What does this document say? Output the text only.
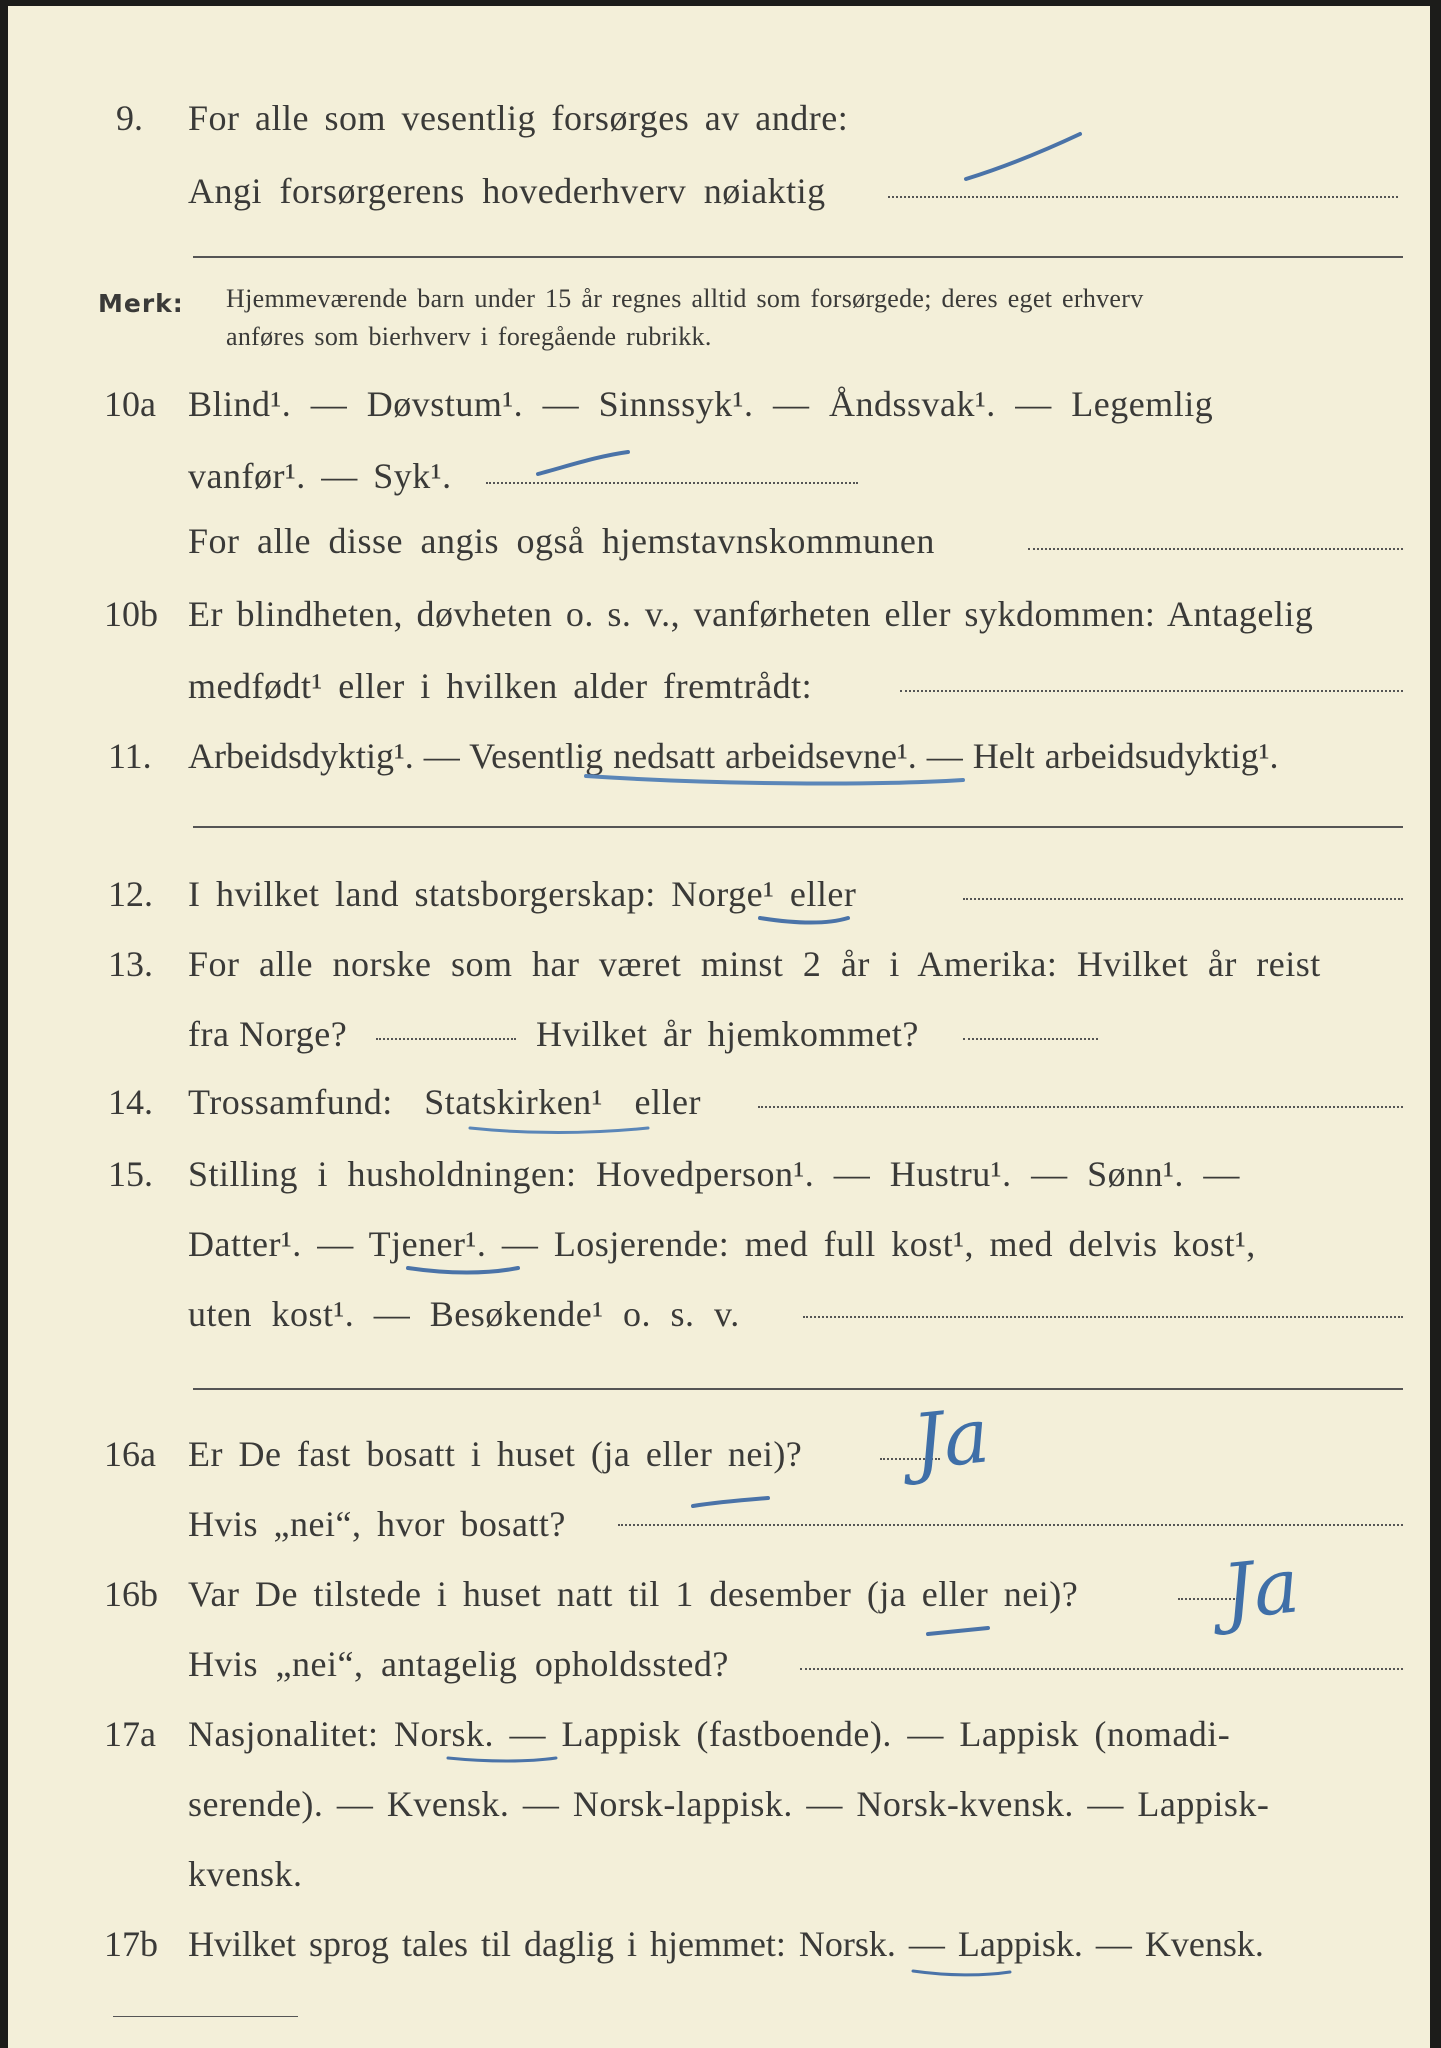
9. For alle som vesentlig forsørges av andre:
Angi forsørgerens hovederhverv nøiaktig
Merk: Hjemmeværende barn under 15 år regnes alltid som forsørgede; deres eget erhverv
anføres som bierhverv i foregående rubrikk.
10a Blind¹. — Døvstum¹. — Sinnssyk¹. — Åndssvak¹. — Legemlig
vanfør¹. — Syk¹.
For alle disse angis også hjemstavnskommunen
10b Er blindheten, døvheten o. s. v., vanførheten eller sykdommen: Antagelig
medfødt¹ eller i hvilken alder fremtrådt:
11. Arbeidsdyktig¹. — Vesentlig nedsatt arbeidsevne¹. — Helt arbeidsudyktig¹.
12. I hvilket land statsborgerskap: Norge¹ eller
13. For alle norske som har været minst 2 år i Amerika: Hvilket år reist
fra Norge?	Hvilket år hjemkommet?
14. Trossamfund: Statskirken¹ eller
15. Stilling i husholdningen: Hovedperson¹. — Hustru¹. — Sønn¹. —
Datter¹. — Tjener¹. — Losjerende: med full kost¹, med delvis kost¹,
uten kost¹. — Besøkende¹ o. s. v.
16a Er De fast bosatt i huset (ja eller nei)?
Hvis „nei“, hvor bosatt?
16b Var De tilstede i huset natt til 1 desember (ja eller nei)?
Hvis „nei“, antagelig opholdssted?
17a Nasjonalitet: Norsk. — Lappisk (fastboende). — Lappisk (nomadi-
serende). — Kvensk. — Norsk-lappisk. — Norsk-kvensk. — Lappisk-
kvensk.
17b Hvilket sprog tales til daglig i hjemmet: Norsk. — Lappisk. — Kvensk.
Ja
Ja
